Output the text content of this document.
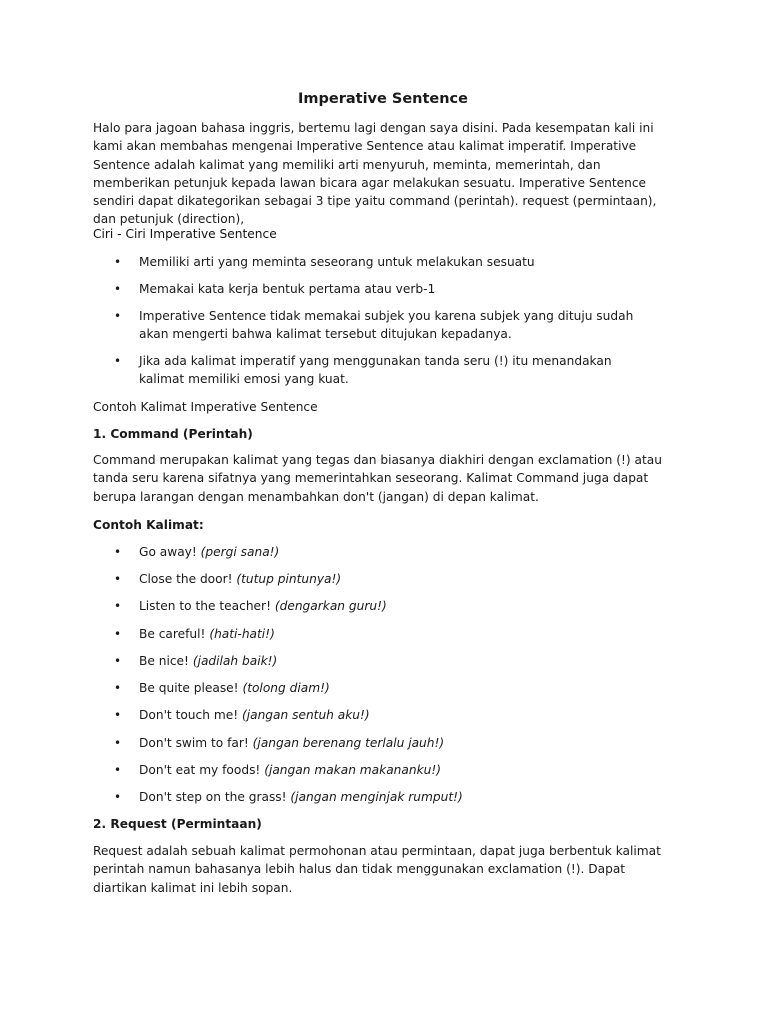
Imperative Sentence

Halo para jagoan bahasa inggris, bertemu lagi dengan saya disini. Pada kesempatan kali ini kami akan membahas mengenai Imperative Sentence atau kalimat imperatif. Imperative Sentence adalah kalimat yang memiliki arti menyuruh, meminta, memerintah, dan memberikan petunjuk kepada lawan bicara agar melakukan sesuatu. Imperative Sentence sendiri dapat dikategorikan sebagai 3 tipe yaitu command (perintah). request (permintaan), dan petunjuk (direction),

Ciri - Ciri Imperative Sentence

• Memiliki arti yang meminta seseorang untuk melakukan sesuatu
• Memakai kata kerja bentuk pertama atau verb-1
• Imperative Sentence tidak memakai subjek you karena subjek yang dituju sudah akan mengerti bahwa kalimat tersebut ditujukan kepadanya.
• Jika ada kalimat imperatif yang menggunakan tanda seru (!) itu menandakan kalimat memiliki emosi yang kuat.

Contoh Kalimat Imperative Sentence

1. Command (Perintah)

Command merupakan kalimat yang tegas dan biasanya diakhiri dengan exclamation (!) atau tanda seru karena sifatnya yang memerintahkan seseorang. Kalimat Command juga dapat berupa larangan dengan menambahkan don't (jangan) di depan kalimat.

Contoh Kalimat:

• Go away! (pergi sana!)
• Close the door! (tutup pintunya!)
• Listen to the teacher! (dengarkan guru!)
• Be careful! (hati-hati!)
• Be nice! (jadilah baik!)
• Be quite please! (tolong diam!)
• Don't touch me! (jangan sentuh aku!)
• Don't swim to far! (jangan berenang terlalu jauh!)
• Don't eat my foods! (jangan makan makananku!)
• Don't step on the grass! (jangan menginjak rumput!)

2. Request (Permintaan)

Request adalah sebuah kalimat permohonan atau permintaan, dapat juga berbentuk kalimat perintah namun bahasanya lebih halus dan tidak menggunakan exclamation (!). Dapat diartikan kalimat ini lebih sopan.
